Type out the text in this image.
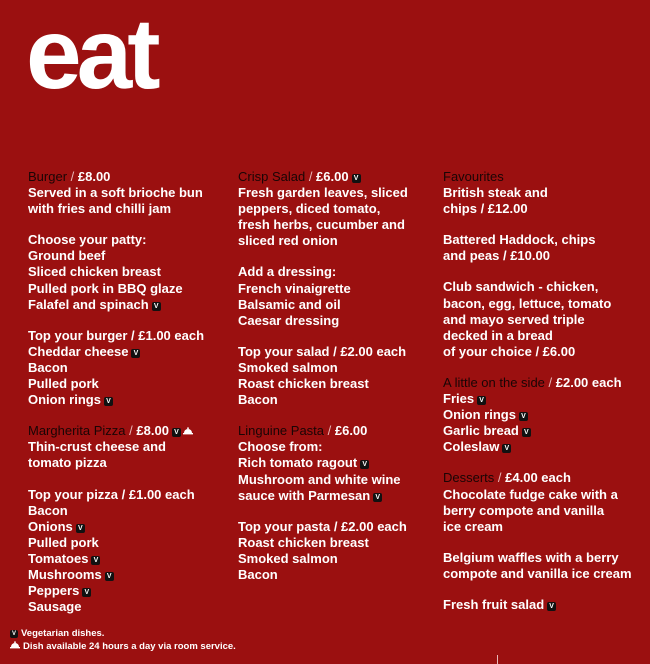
eat
Burger / £8.00
Served in a soft brioche bun
with fries and chilli jam
Choose your patty:
Ground beef
Sliced chicken breast
Pulled pork in BBQ glaze
Falafel and spinach V
Top your burger / £1.00 each
Cheddar cheese V
Bacon
Pulled pork
Onion rings V
Margherita Pizza / £8.00 V
Thin-crust cheese and
tomato pizza
Top your pizza / £1.00 each
Bacon
Onions V
Pulled pork
Tomatoes V
Mushrooms V
Peppers V
Sausage
Crisp Salad / £6.00 V
Fresh garden leaves, sliced
peppers, diced tomato,
fresh herbs, cucumber and
sliced red onion
Add a dressing:
French vinaigrette
Balsamic and oil
Caesar dressing
Top your salad / £2.00 each
Smoked salmon
Roast chicken breast
Bacon
Linguine Pasta / £6.00
Choose from:
Rich tomato ragout V
Mushroom and white wine
sauce with Parmesan V
Top your pasta / £2.00 each
Roast chicken breast
Smoked salmon
Bacon
Favourites
British steak and
chips / £12.00
Battered Haddock, chips
and peas / £10.00
Club sandwich - chicken,
bacon, egg, lettuce, tomato
and mayo served triple
decked in a bread
of your choice / £6.00
A little on the side / £2.00 each
Fries V
Onion rings V
Garlic bread V
Coleslaw V
Desserts / £4.00 each
Chocolate fudge cake with a
berry compote and vanilla
ice cream
Belgium waffles with a berry
compote and vanilla ice cream
Fresh fruit salad V
V Vegetarian dishes.
Dish available 24 hours a day via room service.
